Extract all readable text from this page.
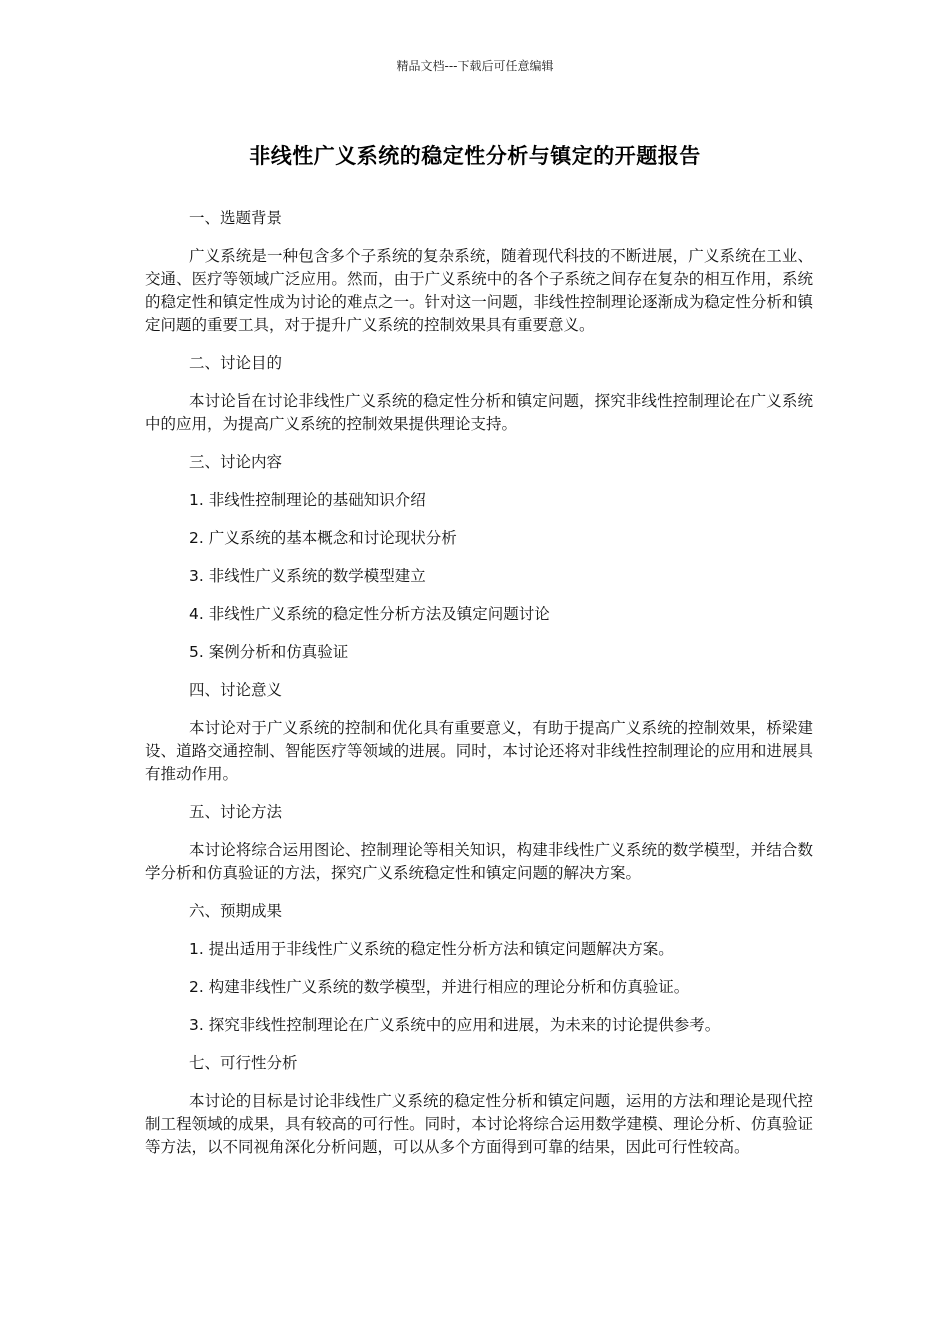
精品文档---下载后可任意编辑
非线性广义系统的稳定性分析与镇定的开题报告

一、选题背景

广义系统是一种包含多个子系统的复杂系统，随着现代科技的不断进展，广义系统在工业、交通、医疗等领域广泛应用。然而，由于广义系统中的各个子系统之间存在复杂的相互作用，系统的稳定性和镇定性成为讨论的难点之一。针对这一问题，非线性控制理论逐渐成为稳定性分析和镇定问题的重要工具，对于提升广义系统的控制效果具有重要意义。

二、讨论目的

本讨论旨在讨论非线性广义系统的稳定性分析和镇定问题，探究非线性控制理论在广义系统中的应用，为提高广义系统的控制效果提供理论支持。

三、讨论内容

1. 非线性控制理论的基础知识介绍

2. 广义系统的基本概念和讨论现状分析

3. 非线性广义系统的数学模型建立

4. 非线性广义系统的稳定性分析方法及镇定问题讨论

5. 案例分析和仿真验证

四、讨论意义

本讨论对于广义系统的控制和优化具有重要意义，有助于提高广义系统的控制效果，桥梁建设、道路交通控制、智能医疗等领域的进展。同时，本讨论还将对非线性控制理论的应用和进展具有推动作用。

五、讨论方法

本讨论将综合运用图论、控制理论等相关知识，构建非线性广义系统的数学模型，并结合数学分析和仿真验证的方法，探究广义系统稳定性和镇定问题的解决方案。

六、预期成果

1. 提出适用于非线性广义系统的稳定性分析方法和镇定问题解决方案。

2. 构建非线性广义系统的数学模型，并进行相应的理论分析和仿真验证。

3. 探究非线性控制理论在广义系统中的应用和进展，为未来的讨论提供参考。

七、可行性分析

本讨论的目标是讨论非线性广义系统的稳定性分析和镇定问题，运用的方法和理论是现代控制工程领域的成果，具有较高的可行性。同时，本讨论将综合运用数学建模、理论分析、仿真验证等方法，以不同视角深化分析问题，可以从多个方面得到可靠的结果，因此可行性较高。
